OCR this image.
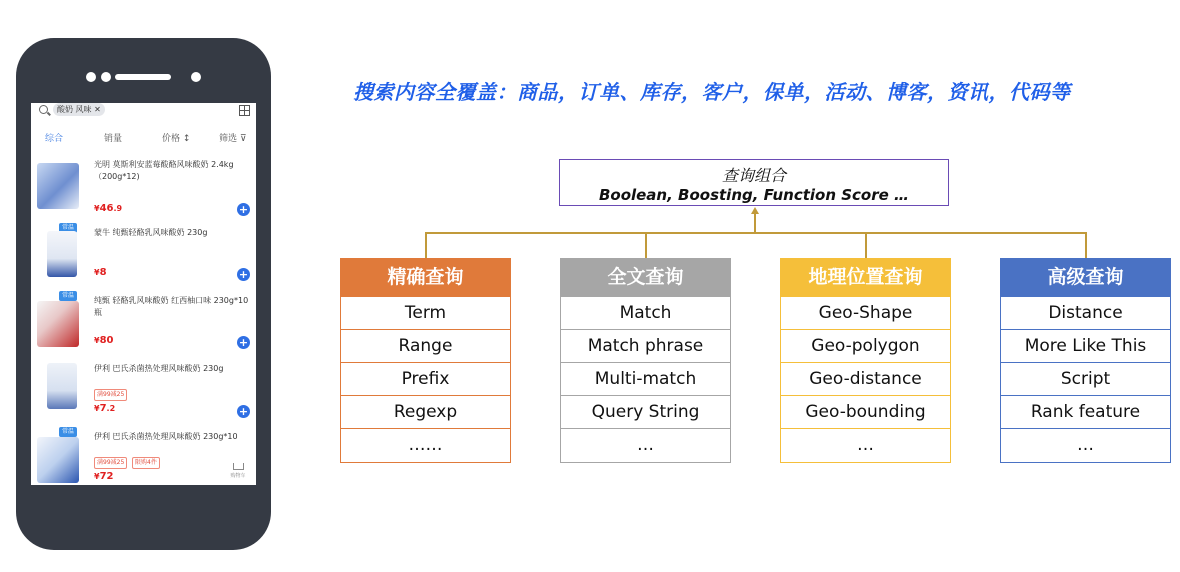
酸奶 风味 ✕
综合	销量	价格 ↕	筛选 ⊽
光明 莫斯利安蓝莓酸酪风味酸奶 2.4kg（200g*12)
¥46.9	+
常温
蒙牛 纯甄轻酪乳风味酸奶 230g
¥8	+
常温
纯甄 轻酪乳风味酸奶 红西柚口味 230g*10瓶
¥80	+
伊利 巴氏杀菌热处理风味酸奶 230g
满99减25
¥7.2	+
常温
伊利 巴氏杀菌热处理风味酸奶 230g*10
满99减25	限购4件
¥72	购物车
搜索内容全覆盖：商品，订单、库存，客户，保单，活动、博客，资讯，代码等
查询组合
Boolean, Boosting, Function Score …
精确查询
Term
Range
Prefix
Regexp
……
全文查询
Match
Match phrase
Multi-match
Query String
…
地理位置查询
Geo-Shape
Geo-polygon
Geo-distance
Geo-bounding
…
高级查询
Distance
More Like This
Script
Rank feature
…
